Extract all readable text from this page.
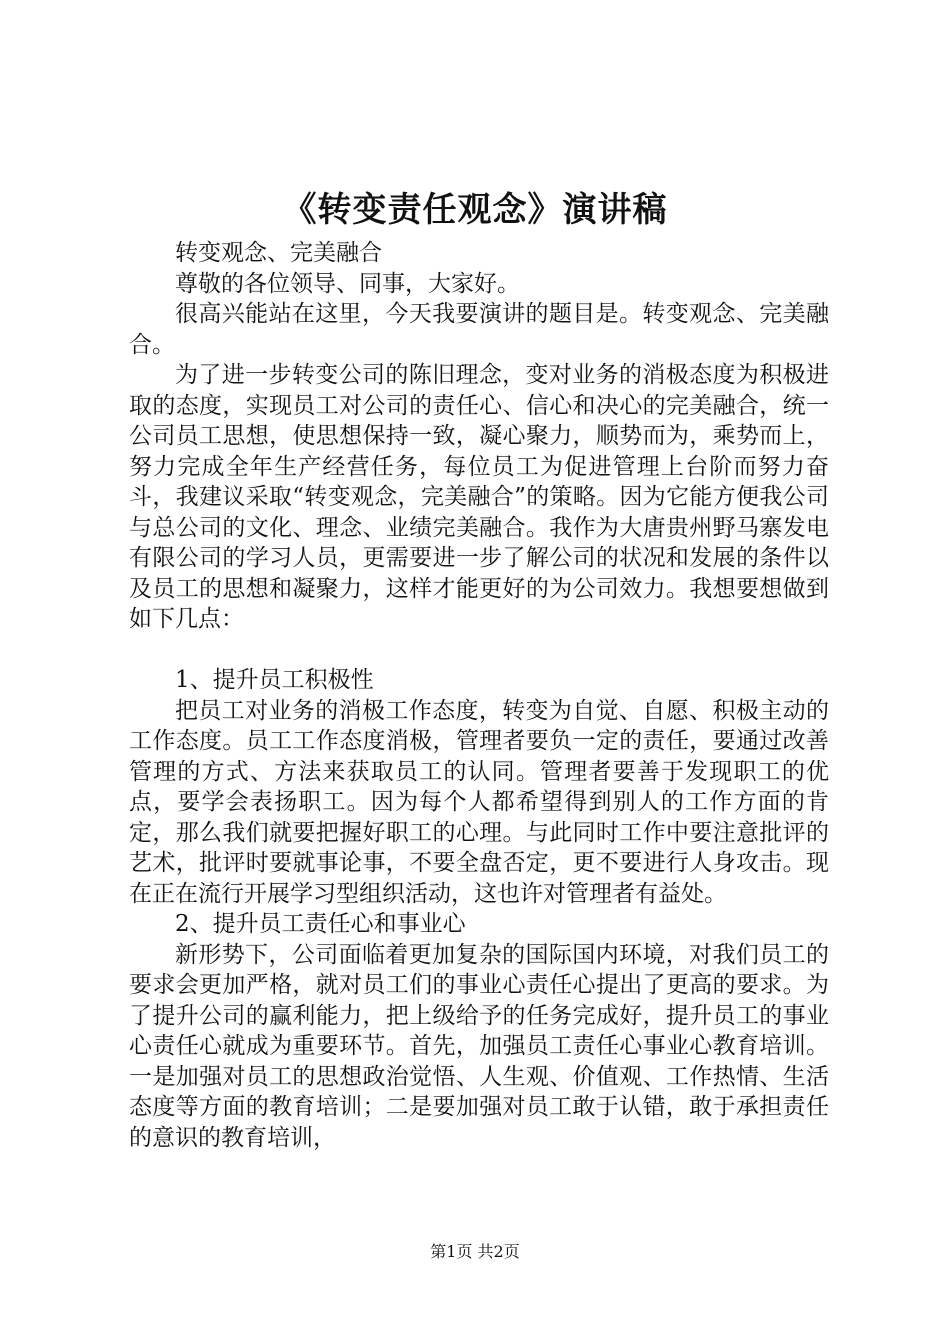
《转变责任观念》演讲稿

转变观念、完美融合

尊敬的各位领导、同事，大家好。

很高兴能站在这里，今天我要演讲的题目是。转变观念、完美融合。

为了进一步转变公司的陈旧理念，变对业务的消极态度为积极进取的态度，实现员工对公司的责任心、信心和决心的完美融合，统一公司员工思想，使思想保持一致，凝心聚力，顺势而为，乘势而上，努力完成全年生产经营任务，每位员工为促进管理上台阶而努力奋斗，我建议采取“转变观念，完美融合”的策略。因为它能方便我公司与总公司的文化、理念、业绩完美融合。我作为大唐贵州野马寨发电有限公司的学习人员，更需要进一步了解公司的状况和发展的条件以及员工的思想和凝聚力，这样才能更好的为公司效力。我想要想做到如下几点：

1、提升员工积极性

把员工对业务的消极工作态度，转变为自觉、自愿、积极主动的工作态度。员工工作态度消极，管理者要负一定的责任，要通过改善管理的方式、方法来获取员工的认同。管理者要善于发现职工的优点，要学会表扬职工。因为每个人都希望得到别人的工作方面的肯定，那么我们就要把握好职工的心理。与此同时工作中要注意批评的艺术，批评时要就事论事，不要全盘否定，更不要进行人身攻击。现在正在流行开展学习型组织活动，这也许对管理者有益处。

2、提升员工责任心和事业心

新形势下，公司面临着更加复杂的国际国内环境，对我们员工的要求会更加严格，就对员工们的事业心责任心提出了更高的要求。为了提升公司的赢利能力，把上级给予的任务完成好，提升员工的事业心责任心就成为重要环节。首先，加强员工责任心事业心教育培训。一是加强对员工的思想政治觉悟、人生观、价值观、工作热情、生活态度等方面的教育培训；二是要加强对员工敢于认错，敢于承担责任的意识的教育培训，

第1页 共2页
